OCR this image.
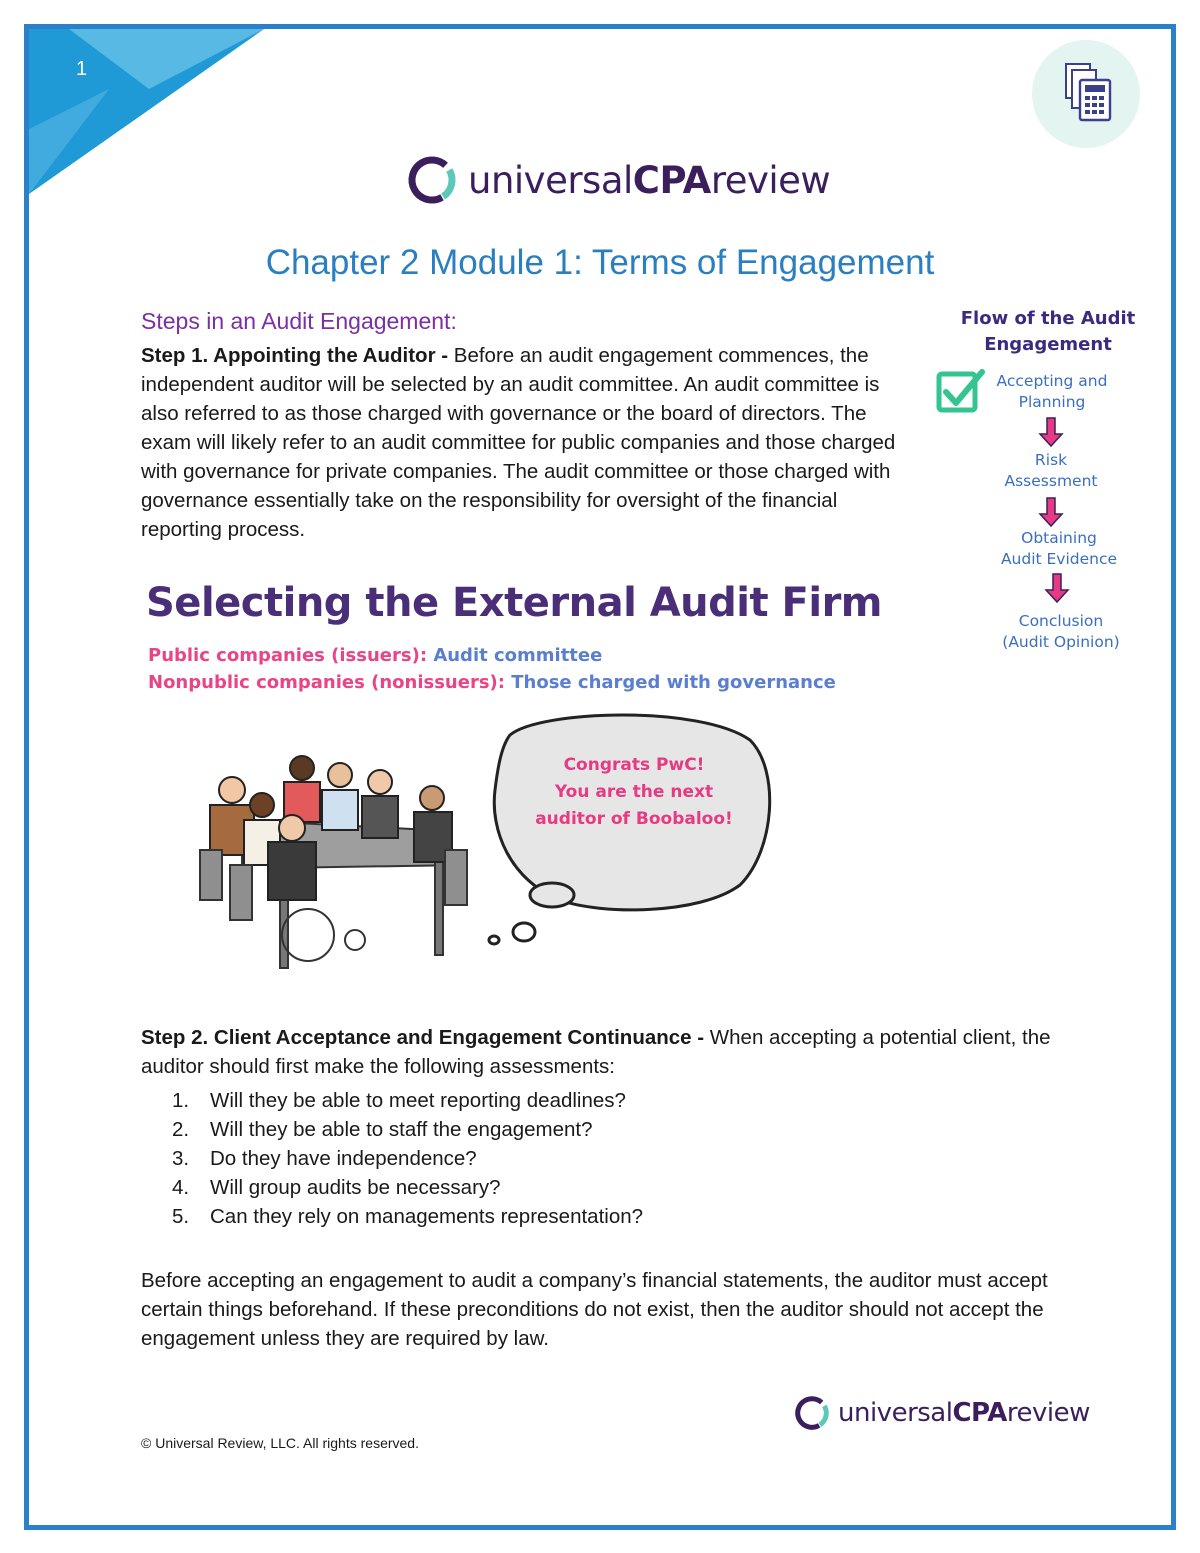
1
universalCPAreview
Chapter 2 Module 1: Terms of Engagement
Steps in an Audit Engagement:
Step 1. Appointing the Auditor - Before an audit engagement commences, the independent auditor will be selected by an audit committee. An audit committee is also referred to as those charged with governance or the board of directors. The exam will likely refer to an audit committee for public companies and those charged with governance for private companies. The audit committee or those charged with governance essentially take on the responsibility for oversight of the financial reporting process.
Flow of the Audit
Engagement
Accepting and
Planning
Risk
Assessment
Obtaining
Audit Evidence
Conclusion
(Audit Opinion)
Selecting the External Audit Firm
Public companies (issuers): Audit committee
Nonpublic companies (nonissuers): Those charged with governance
Congrats PwC!
You are the next
auditor of Boobaloo!
Step 2. Client Acceptance and Engagement Continuance - When accepting a potential client, the auditor should first make the following assessments:
1.	Will they be able to meet reporting deadlines?
2.	Will they be able to staff the engagement?
3.	Do they have independence?
4.	Will group audits be necessary?
5.	Can they rely on managements representation?
Before accepting an engagement to audit a company’s financial statements, the auditor must accept certain things beforehand. If these preconditions do not exist, then the auditor should not accept the engagement unless they are required by law.
universalCPAreview
© Universal Review, LLC. All rights reserved.
